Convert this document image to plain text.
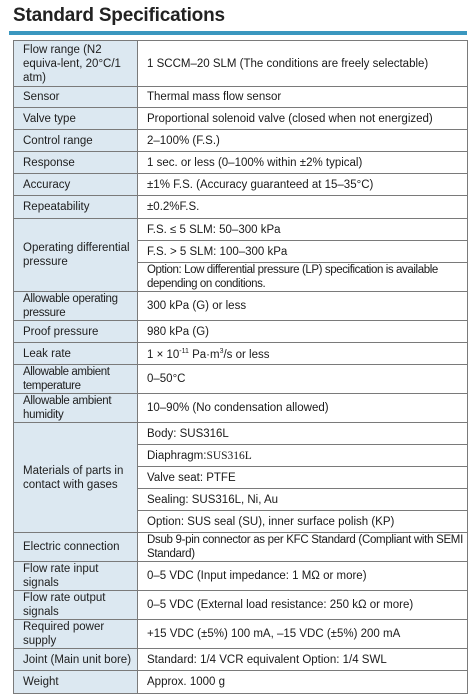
Standard Specifications
Flow range (N2 equiva-lent, 20°C/1 atm)	1 SCCM–20 SLM (The conditions are freely selectable)
Sensor	Thermal mass flow sensor
Valve type	Proportional solenoid valve (closed when not energized)
Control range	2–100% (F.S.)
Response	1 sec. or less (0–100% within ±2% typical)
Accuracy	±1% F.S. (Accuracy guaranteed at 15–35°C)
Repeatability	±0.2%F.S.
Operating differential pressure	F.S. ≤ 5 SLM: 50–300 kPa
	F.S. > 5 SLM: 100–300 kPa
	Option: Low differential pressure (LP) specification is available depending on conditions.
Allowable operating pressure	300 kPa (G) or less
Proof pressure	980 kPa (G)
Leak rate	$1 \times 10^{-11}$ $Pa\cdot m^3/s$ or less
Allowable ambient temperature	0–50°C
Allowable ambient humidity	10–90% (No condensation allowed)
Materials of parts in contact with gases	Body: SUS316L
	Diaphragm:SUS316L
	Valve seat: PTFE
	Sealing: SUS316L, Ni, Au
	Option: SUS seal (SU), inner surface polish (KP)
Electric connection	Dsub 9-pin connector as per KFC Standard (Compliant with SEMI Standard)
Flow rate input signals	0–5 VDC (Input impedance: 1 MΩ or more)
Flow rate output signals	0–5 VDC (External load resistance: 250 kΩ or more)
Required power supply	+15 VDC (±5%) 100 mA, –15 VDC (±5%) 200 mA
Joint (Main unit bore)	Standard: 1/4 VCR equivalent Option: 1/4 SWL
Weight	Approx. 1000 g
